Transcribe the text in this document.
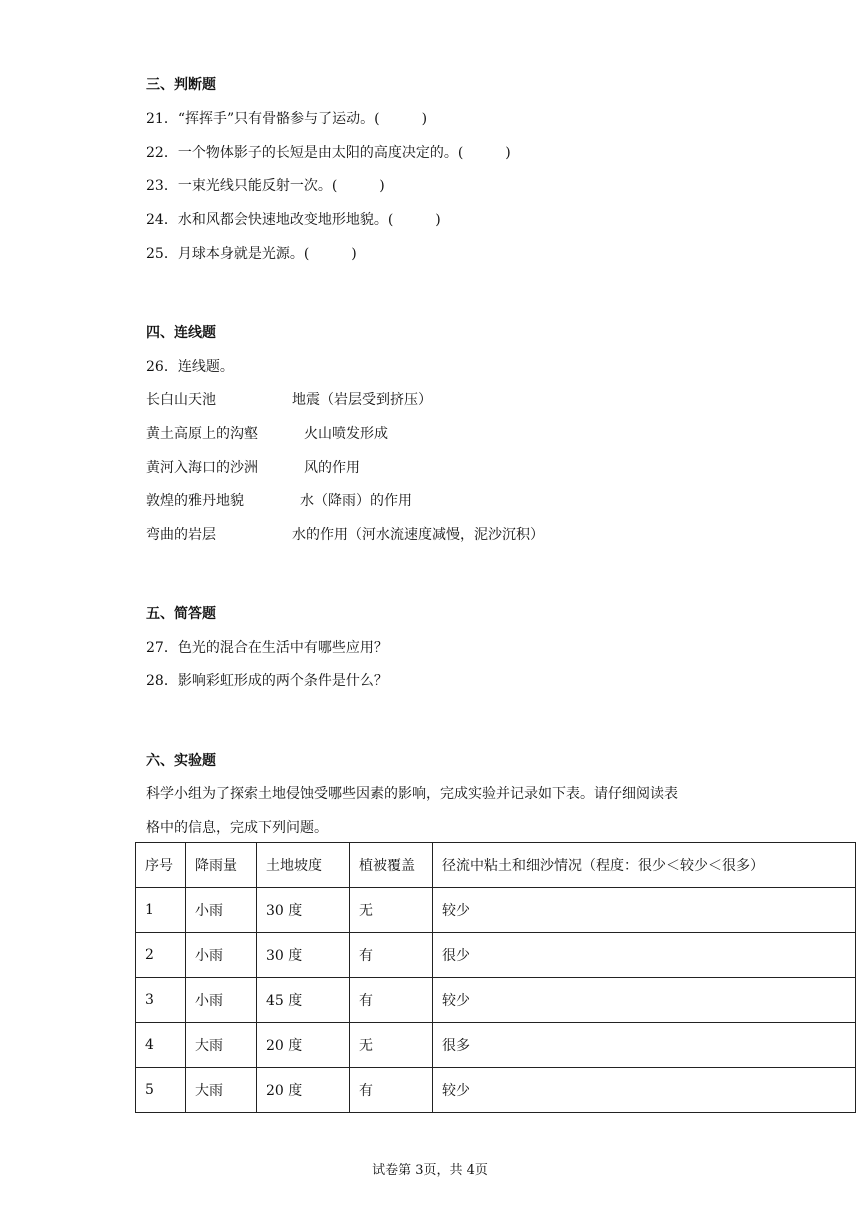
三、判断题
21．“挥挥手”只有骨骼参与了运动。(　　　)
22．一个物体影子的长短是由太阳的高度决定的。(　　　)
23．一束光线只能反射一次。(　　　)
24．水和风都会快速地改变地形地貌。(　　　)
25．月球本身就是光源。(　　　)
四、连线题
26．连线题。
长白山天池	地震（岩层受到挤压）
黄土高原上的沟壑	火山喷发形成
黄河入海口的沙洲	风的作用
敦煌的雅丹地貌	水（降雨）的作用
弯曲的岩层	水的作用（河水流速度减慢，泥沙沉积）
五、简答题
27．色光的混合在生活中有哪些应用？
28．影响彩虹形成的两个条件是什么？
六、实验题
科学小组为了探索土地侵蚀受哪些因素的影响，完成实验并记录如下表。请仔细阅读表
格中的信息，完成下列问题。
序号	降雨量	土地坡度	植被覆盖	径流中粘土和细沙情况（程度：很少＜较少＜很多）
1	小雨	30 度	无	较少
2	小雨	30 度	有	很少
3	小雨	45 度	有	较少
4	大雨	20 度	无	很多
5	大雨	20 度	有	较少
试卷第 3页，共 4页
